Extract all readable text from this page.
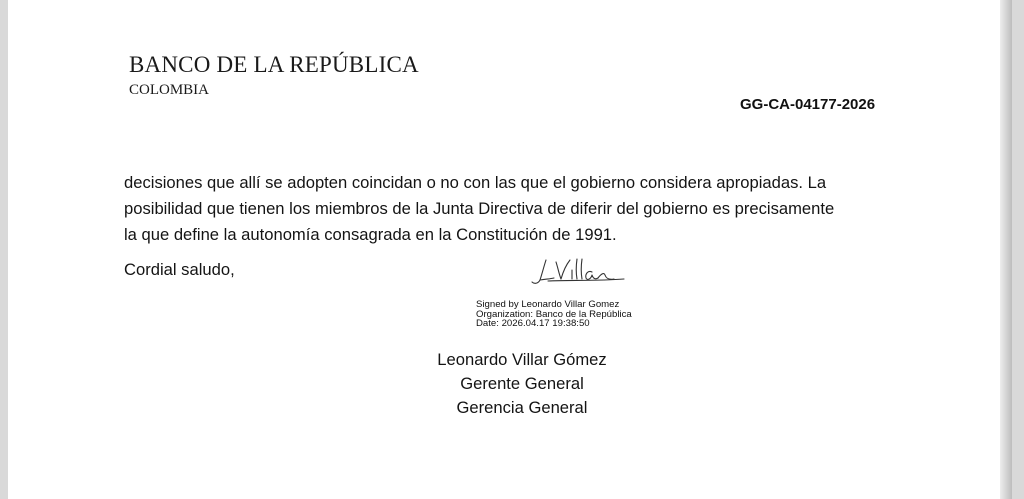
BANCO DE LA REPÚBLICA
COLOMBIA
GG-CA-04177-2026
decisiones que allí se adopten coincidan o no con las que el gobierno considera apropiadas. La
posibilidad que tienen los miembros de la Junta Directiva de diferir del gobierno es precisamente
la que define la autonomía consagrada en la Constitución de 1991.
Cordial saludo,
Signed by Leonardo Villar Gomez
Organization: Banco de la República
Date: 2026.04.17 19:38:50
Leonardo Villar Gómez
Gerente General
Gerencia General
